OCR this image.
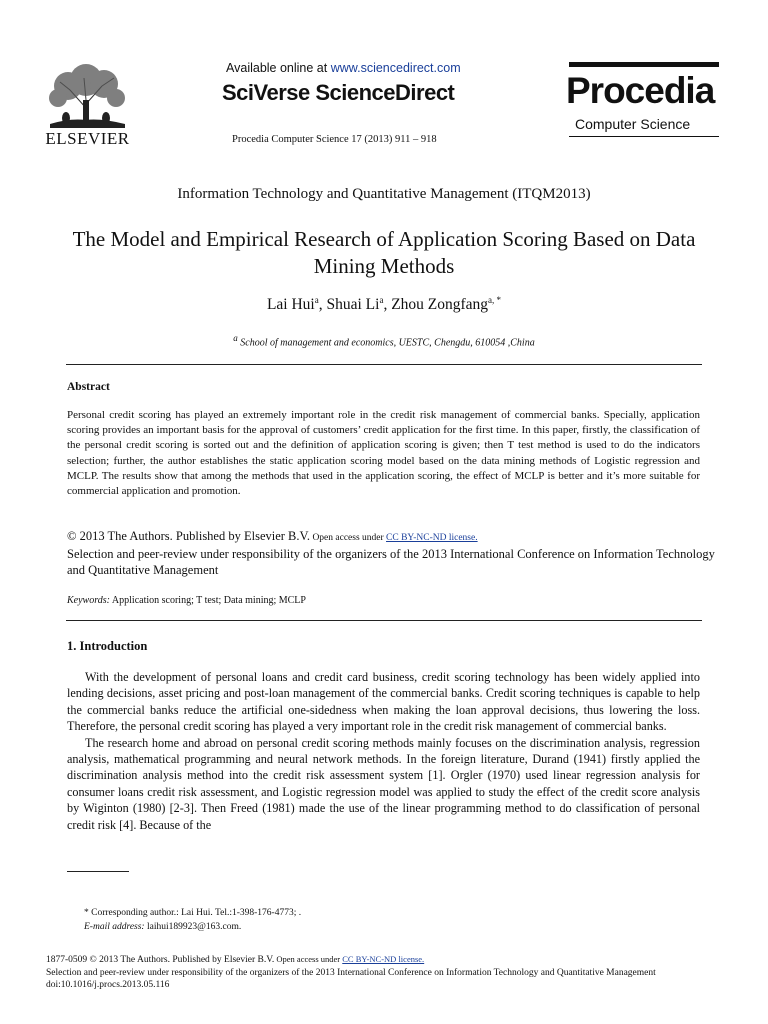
ELSEVIER
Available online at www.sciencedirect.com
SciVerse ScienceDirect
Procedia Computer Science 17 (2013) 911 – 918
Procedia
Computer Science
Information Technology and Quantitative Management (ITQM2013)
The Model and Empirical Research of Application Scoring Based on Data Mining Methods
Lai Hui$^a$, Shuai Li$^a$, Zhou Zongfang$^{a, *}$
$^a$ School of management and economics, UESTC, Chengdu, 610054 ,China
Abstract
Personal credit scoring has played an extremely important role in the credit risk management of commercial banks. Specially, application scoring provides an important basis for the approval of customers’ credit application for the first time. In this paper, firstly, the classification of the personal credit scoring is sorted out and the definition of application scoring is given; then T test method is used to do the indicators selection; further, the author establishes the static application scoring model based on the data mining methods of Logistic regression and MCLP. The results show that among the methods that used in the application scoring, the effect of MCLP is better and it’s more suitable for commercial application and promotion.
© 2013 The Authors. Published by Elsevier B.V. Open access under CC BY-NC-ND license.
Selection and peer-review under responsibility of the organizers of the 2013 International Conference on Information Technology and Quantitative Management
Keywords: Application scoring; T test; Data mining; MCLP
1. Introduction

With the development of personal loans and credit card business, credit scoring technology has been widely applied into lending decisions, asset pricing and post-loan management of the commercial banks. Credit scoring techniques is capable to help the commercial banks reduce the artificial one-sidedness when making the loan approval decisions, thus lowering the loss. Therefore, the personal credit scoring has played a very important role in the credit risk management of commercial banks.

The research home and abroad on personal credit scoring methods mainly focuses on the discrimination analysis, regression analysis, mathematical programming and neural network methods. In the foreign literature, Durand (1941) firstly applied the discrimination analysis method into the credit risk assessment system [1]. Orgler (1970) used linear regression analysis for consumer loans credit risk assessment, and Logistic regression model was applied to study the effect of the credit score analysis by Wiginton (1980) [2-3]. Then Freed (1981) made the use of the linear programming method to do classification of personal credit risk [4]. Because of the

* Corresponding author.: Lai Hui. Tel.:1-398-176-4773; .
E-mail address: laihui189923@163.com.
1877-0509 © 2013 The Authors. Published by Elsevier B.V. Open access under CC BY-NC-ND license.
Selection and peer-review under responsibility of the organizers of the 2013 International Conference on Information Technology and Quantitative Management
doi:10.1016/j.procs.2013.05.116
